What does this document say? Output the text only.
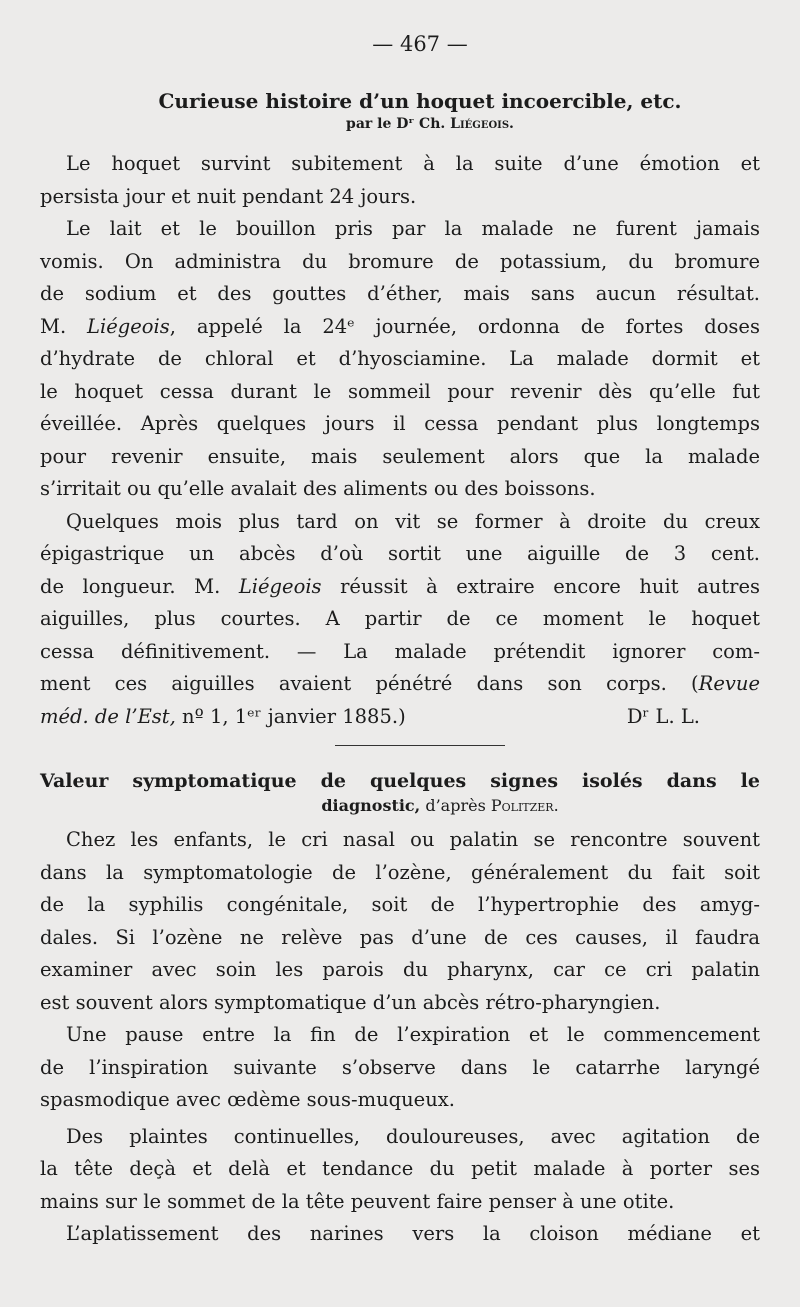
— 467 —

Curieuse histoire d’un hoquet incoercible, etc.

par le Dʳ Ch. Liégeois.

Le hoquet survint subitement à la suite d’une émotion et
persista jour et nuit pendant 24 jours.
Le lait et le bouillon pris par la malade ne furent jamais
vomis. On administra du bromure de potassium, du bromure
de sodium et des gouttes d’éther, mais sans aucun résultat.
M. Liégeois, appelé la 24ᵉ journée, ordonna de fortes doses
d’hydrate de chloral et d’hyosciamine. La malade dormit et
le hoquet cessa durant le sommeil pour revenir dès qu’elle fut
éveillée. Après quelques jours il cessa pendant plus longtemps
pour revenir ensuite, mais seulement alors que la malade
s’irritait ou qu’elle avalait des aliments ou des boissons.
Quelques mois plus tard on vit se former à droite du creux
épigastrique un abcès d’où sortit une aiguille de 3 cent.
de longueur. M. Liégeois réussit à extraire encore huit autres
aiguilles, plus courtes. A partir de ce moment le hoquet
cessa définitivement. — La malade prétendit ignorer com-
ment ces aiguilles avaient pénétré dans son corps. (Revue
méd. de l’Est, nº 1, 1ᵉʳ janvier 1885.)	Dʳ L. L.

Valeur symptomatique de quelques signes isolés dans le

diagnostic, d’après Politzer.

Chez les enfants, le cri nasal ou palatin se rencontre souvent
dans la symptomatologie de l’ozène, généralement du fait soit
de la syphilis congénitale, soit de l’hypertrophie des amyg-
dales. Si l’ozène ne relève pas d’une de ces causes, il faudra
examiner avec soin les parois du pharynx, car ce cri palatin
est souvent alors symptomatique d’un abcès rétro-pharyngien.
Une pause entre la fin de l’expiration et le commencement
de l’inspiration suivante s’observe dans le catarrhe laryngé
spasmodique avec œdème sous-muqueux.
Des plaintes continuelles, douloureuses, avec agitation de
la tête deçà et delà et tendance du petit malade à porter ses
mains sur le sommet de la tête peuvent faire penser à une otite.
L’aplatissement des narines vers la cloison médiane et
